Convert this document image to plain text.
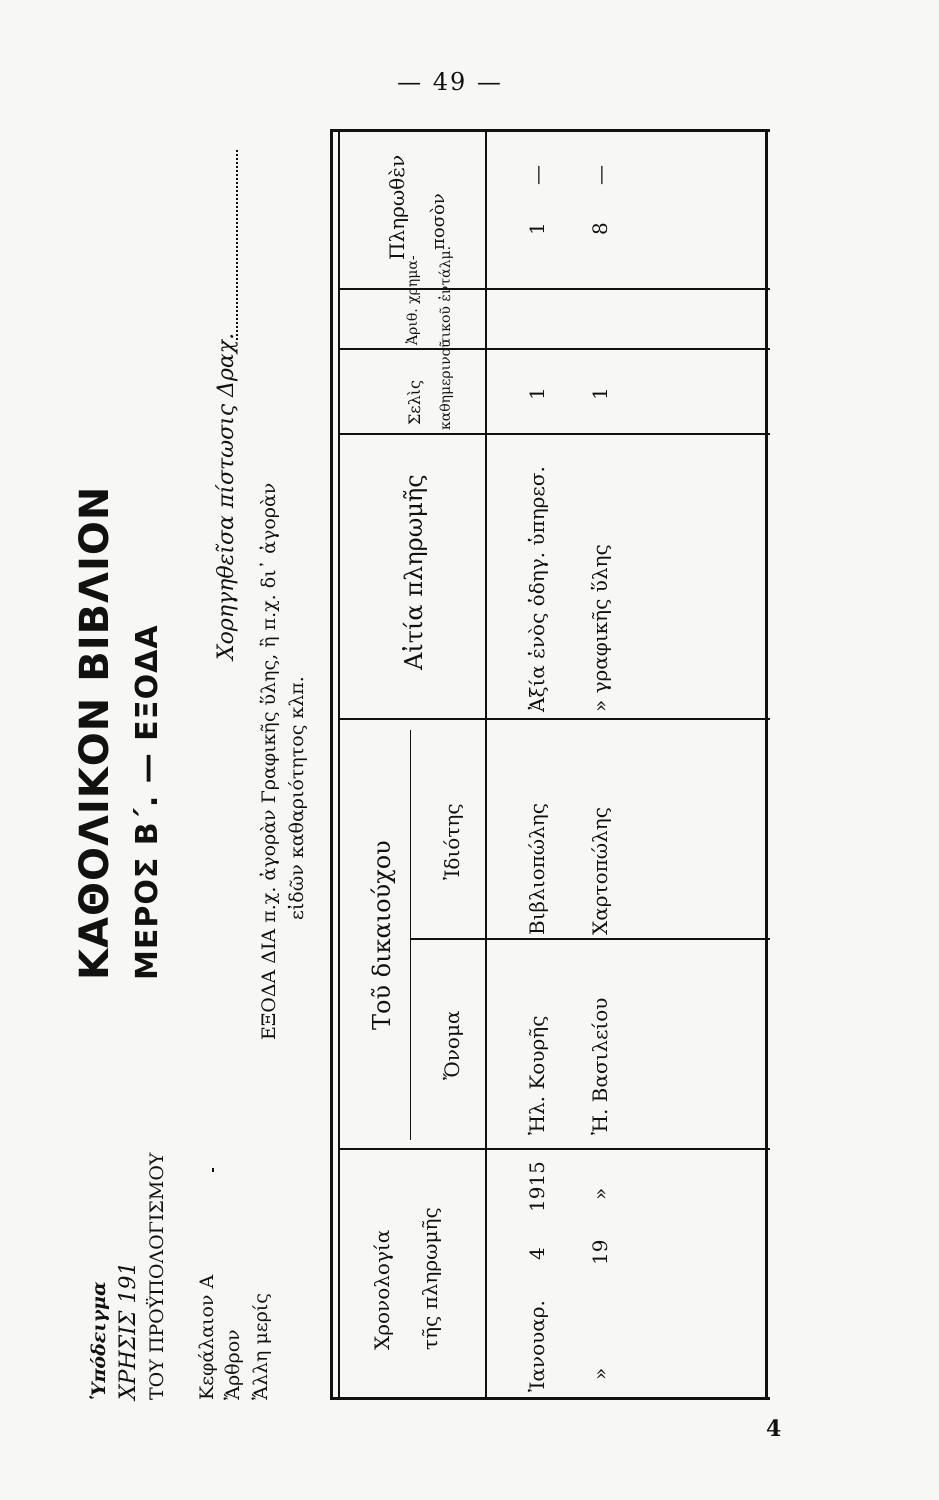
— 49 —
4
Ὑπόδειγμα ΧΡΗΣΙΣ 191 ΤΟΥ ΠΡΟΫΠΟΛΟΓΙΣΜΟΥ Κεφάλαιον Α Ἄρθρον Ἄλλη μερίς
ΚΑΘΟΛΙΚΟΝ ΒΙΒΛΙΟΝ ΜΕΡΟΣ Β΄. — ΕΞΟΔΑ
Χορηγηθεῖσα πίστωσις Δραχ. ΕΞΟΔΑ ΔΙΑ π.χ. ἀγορὰν Γραφικῆς ὕλης, ἢ π.χ. δι᾽ ἀγορὰν εἰδῶν καθαριότητος κλπ.
Χρονολογία τῆς πληρωμῆς
Τοῦ δικαιούχου
Ὄνομα
Ἰδιότης
Αἰτία πληρωμῆς
Σελὶς καθημερινοῦ
Ἀριθ. χρημα- τικοῦ ἐντάλμ.
Πληρωθὲν ποσὸν
Ἰανουαρ.
4
1915
Ἠλ. Κουρῆς
Βιβλιοπώλης
Ἀξία ἑνὸς ὁδηγ. ὑπηρεσ.
1
1
—
»
19
»
Ἠ. Βασιλείου
Χαρτοπώλης
» γραφικῆς ὕλης
1
8
—
